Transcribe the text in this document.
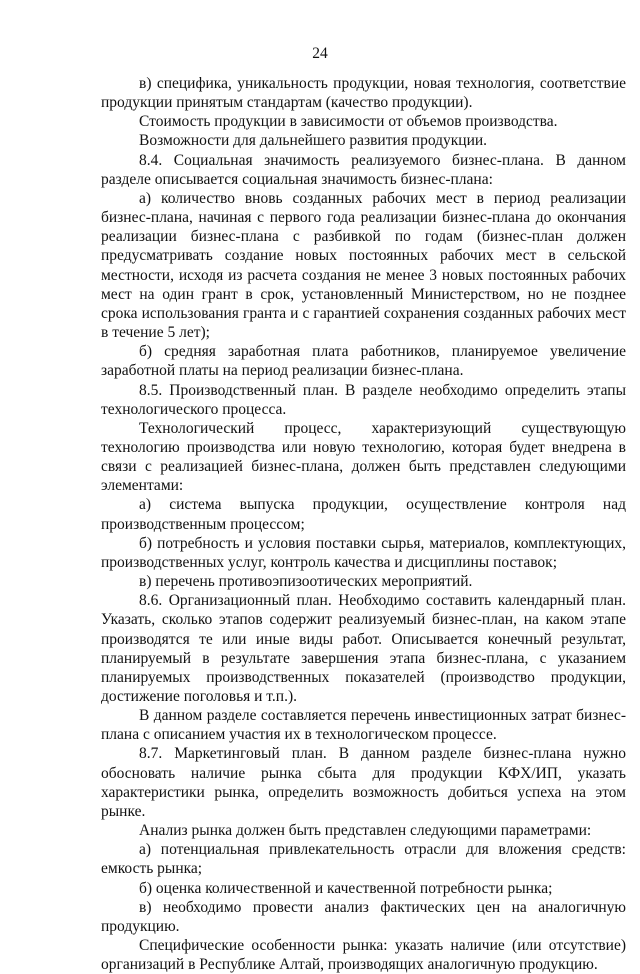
24

в) специфика, уникальность продукции, новая технология, соответствие продукции принятым стандартам (качество продукции).

Стоимость продукции в зависимости от объемов производства.

Возможности для дальнейшего развития продукции.

8.4. Социальная значимость реализуемого бизнес-плана. В данном разделе описывается социальная значимость бизнес-плана:

а) количество вновь созданных рабочих мест в период реализации бизнес-плана, начиная с первого года реализации бизнес-плана до окончания реализации бизнес-плана с разбивкой по годам (бизнес-план должен предусматривать создание новых постоянных рабочих мест в сельской местности, исходя из расчета создания не менее 3 новых постоянных рабочих мест на один грант в срок, установленный Министерством, но не позднее срока использования гранта и с гарантией сохранения созданных рабочих мест в течение 5 лет);

б) средняя заработная плата работников, планируемое увеличение заработной платы на период реализации бизнес-плана.

8.5. Производственный план. В разделе необходимо определить этапы технологического процесса.

Технологический процесс, характеризующий существующую технологию производства или новую технологию, которая будет внедрена в связи с реализацией бизнес-плана, должен быть представлен следующими элементами:

а) система выпуска продукции, осуществление контроля над производственным процессом;

б) потребность и условия поставки сырья, материалов, комплектующих, производственных услуг, контроль качества и дисциплины поставок;

в) перечень противоэпизоотических мероприятий.

8.6. Организационный план. Необходимо составить календарный план. Указать, сколько этапов содержит реализуемый бизнес-план, на каком этапе производятся те или иные виды работ. Описывается конечный результат, планируемый в результате завершения этапа бизнес-плана, с указанием планируемых производственных показателей (производство продукции, достижение поголовья и т.п.).

В данном разделе составляется перечень инвестиционных затрат бизнес-плана с описанием участия их в технологическом процессе.

8.7. Маркетинговый план. В данном разделе бизнес-плана нужно обосновать наличие рынка сбыта для продукции КФХ/ИП, указать характеристики рынка, определить возможность добиться успеха на этом рынке.

Анализ рынка должен быть представлен следующими параметрами:

а) потенциальная привлекательность отрасли для вложения средств: емкость рынка;

б) оценка количественной и качественной потребности рынка;

в) необходимо провести анализ фактических цен на аналогичную продукцию.

Специфические особенности рынка: указать наличие (или отсутствие) организаций в Республике Алтай, производящих аналогичную продукцию.
